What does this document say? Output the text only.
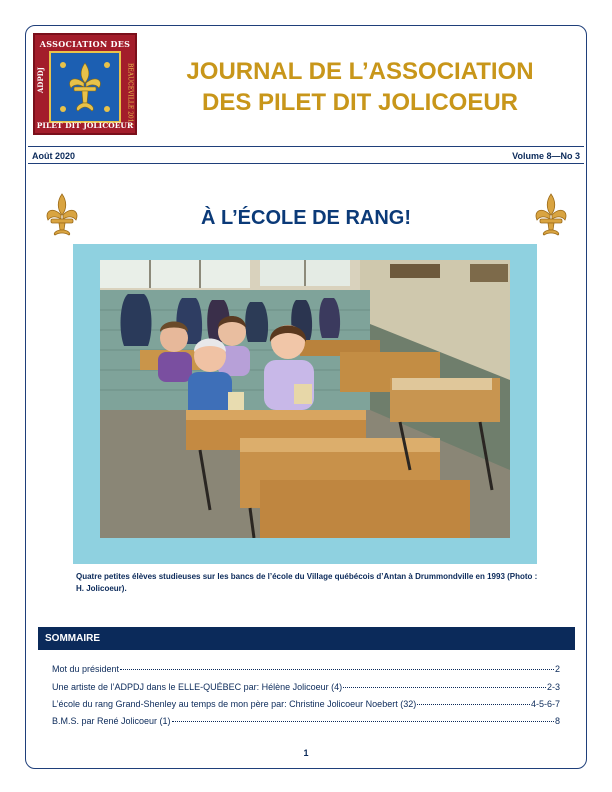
ASSOCIATION DES
ADPDJ	BEAUCEVILLE 2011
PILET DIT JOLICOEUR
JOURNAL DE L’ASSOCIATION
DES PILET DIT JOLICOEUR
Août 2020	Volume 8—No 3
À L’ÉCOLE DE RANG!
Quatre petites élèves studieuses sur les bancs de l’école du Village québécois d’Antan à Drummondville en 1993 (Photo : H. Jolicoeur).
SOMMAIRE
Mot du président	2
Une artiste de l’ADPDJ dans le ELLE-QUÉBEC par: Hélène Jolicoeur (4)	2-3
L’école du rang Grand-Shenley au temps de mon père par: Christine Jolicoeur Noebert (32)	4-5-6-7
B.M.S. par René Jolicoeur (1)	8
1
